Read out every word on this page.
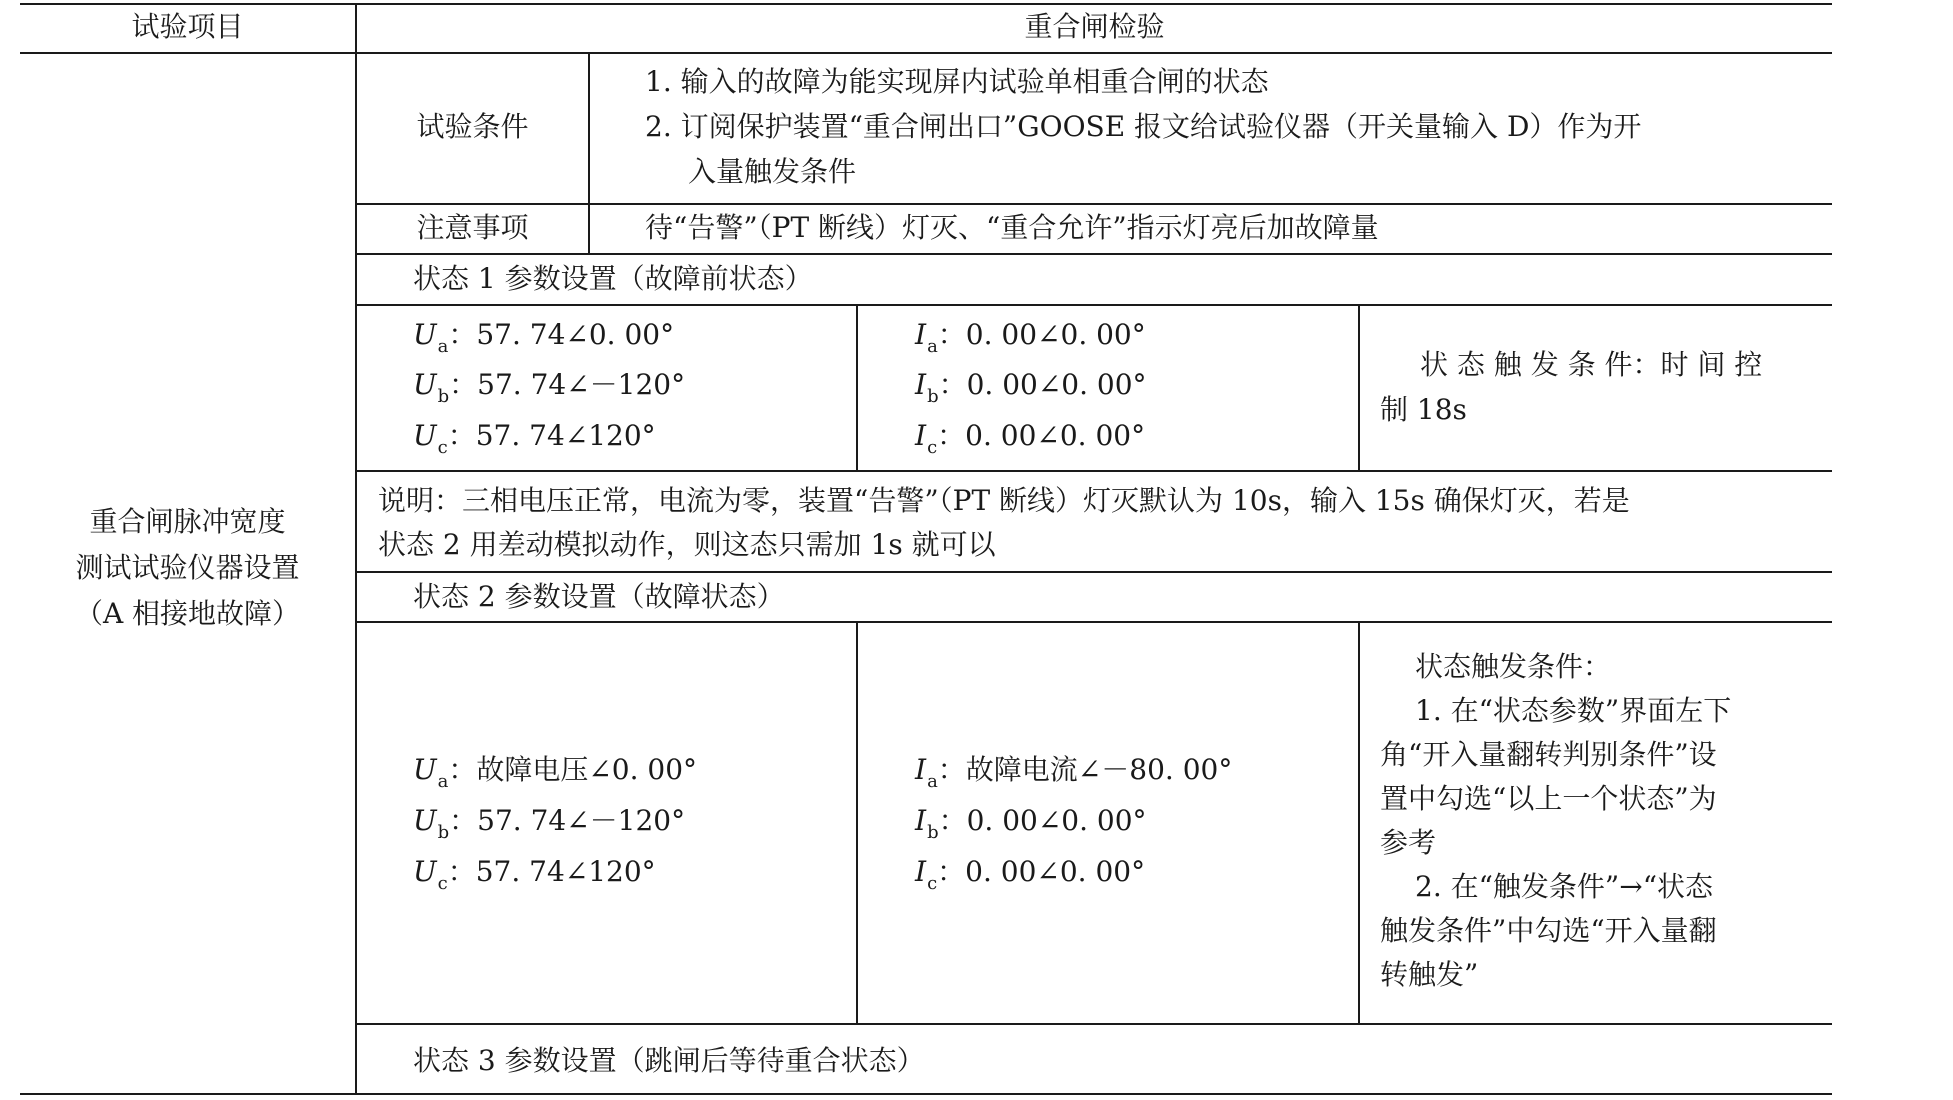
试验项目	重合闸检验
重合闸脉冲宽度
测试试验仪器设置
（A 相接地故障）
试验条件
1. 输入的故障为能实现屏内试验单相重合闸的状态
2. 订阅保护装置“重合闸出口”GOOSE 报文给试验仪器（开关量输入 D）作为开
入量触发条件
注意事项	待“告警”（PT 断线）灯灭、“重合允许”指示灯亮后加故障量
状态 1 参数设置（故障前状态）
$U_a$：57. 74∠0. 00°
$U_b$：57. 74∠－120°
$U_c$：57. 74∠120°
$I_a$：0. 00∠0. 00°
$I_b$：0. 00∠0. 00°
$I_c$：0. 00∠0. 00°
状 态 触 发 条 件：时 间 控
制 18s
说明：三相电压正常，电流为零，装置“告警”（PT 断线）灯灭默认为 10s，输入 15s 确保灯灭，若是
状态 2 用差动模拟动作，则这态只需加 1s 就可以
状态 2 参数设置（故障状态）
$U_a$：故障电压∠0. 00°
$U_b$：57. 74∠－120°
$U_c$：57. 74∠120°
$I_a$：故障电流∠－80. 00°
$I_b$：0. 00∠0. 00°
$I_c$：0. 00∠0. 00°
状态触发条件：
1. 在“状态参数”界面左下
角“开入量翻转判别条件”设
置中勾选“以上一个状态”为
参考
2. 在“触发条件”→“状态
触发条件”中勾选“开入量翻
转触发”
状态 3 参数设置（跳闸后等待重合状态）
